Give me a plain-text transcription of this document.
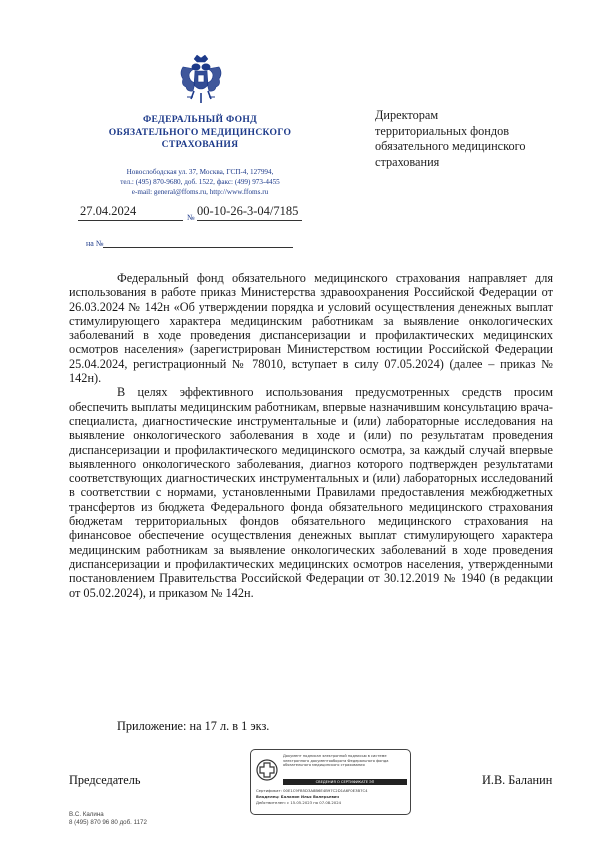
ФЕДЕРАЛЬНЫЙ ФОНД
ОБЯЗАТЕЛЬНОГО МЕДИЦИНСКОГО
СТРАХОВАНИЯ
Новослободская ул. 37, Москва, ГСП-4, 127994,
тел.: (495) 870-9680, доб. 1522, факс: (499) 973-4455
e-mail: general@ffoms.ru, http://www.ffoms.ru
27.04.2024	№ 00-10-26-3-04/7185
на №
Директорам
территориальных фондов
обязательного медицинского
страхования

Федеральный фонд обязательного медицинского страхования направляет для использования в работе приказ Министерства здравоохранения Российской Федерации от 26.03.2024 № 142н «Об утверждении порядка и условий осуществления денежных выплат стимулирующего характера медицинским работникам за выявление онкологических заболеваний в ходе проведения диспансеризации и профилактических медицинских осмотров населения» (зарегистрирован Министерством юстиции Российской Федерации 25.04.2024, регистрационный № 78010, вступает в силу 07.05.2024) (далее – приказ № 142н).

В целях эффективного использования предусмотренных средств просим обеспечить выплаты медицинским работникам, впервые назначившим консультацию врача-специалиста, диагностические инструментальные и (или) лабораторные исследования на выявление онкологического заболевания в ходе и (или) по результатам проведения диспансеризации и профилактического медицинского осмотра, за каждый случай впервые выявленного онкологического заболевания, диагноз которого подтвержден результатами соответствующих диагностических инструментальных и (или) лабораторных исследований в соответствии с нормами, установленными Правилами предоставления межбюджетных трансфертов из бюджета Федерального фонда обязательного медицинского страхования бюджетам территориальных фондов обязательного медицинского страхования на финансовое обеспечение осуществления денежных выплат стимулирующего характера медицинским работникам за выявление онкологических заболеваний в ходе проведения диспансеризации и профилактических медицинских осмотров населения, утвержденными постановлением Правительства Российской Федерации от 30.12.2019 № 1940 (в редакции от 05.02.2024), и приказом № 142н.

Приложение: на 17 л. в 1 экз.
Председатель	И.В. Баланин
Документ подписан электронной подписью в системе электронного документооборота Федерального фонда обязательного медицинского страхования
СВЕДЕНИЯ О СЕРТИФИКАТЕ ЭП
Сертификат: 00E1C9FB5D3A8B6E4B97C2D1A6F0E3B7C4
Владелец: Баланин Илья Валерьевич
Действителен: с 15.05.2023 по 07.08.2024
В.С. Калина
8 (495) 870 96 80 доб. 1172
